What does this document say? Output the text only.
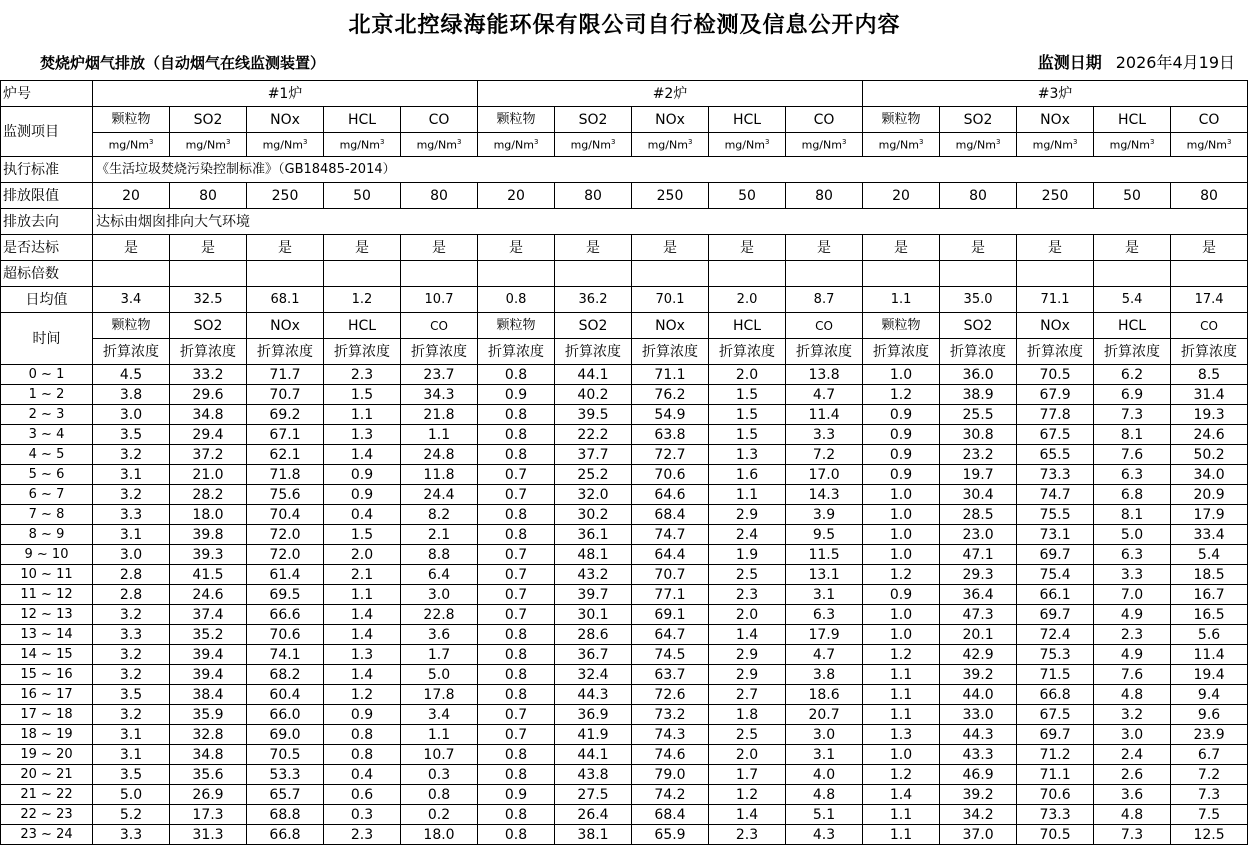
北京北控绿海能环保有限公司自行检测及信息公开内容
焚烧炉烟气排放（自动烟气在线监测装置）	监测日期 2026年4月19日
炉号	#1炉					#2炉					#3炉				
监测项目	颗粒物	SO2	NOx	HCL	CO	颗粒物	SO2	NOx	HCL	CO	颗粒物	SO2	NOx	HCL	CO
	mg/Nm$^3$	mg/Nm$^3$	mg/Nm$^3$	mg/Nm$^3$	mg/Nm$^3$	mg/Nm$^3$	mg/Nm$^3$	mg/Nm$^3$	mg/Nm$^3$	mg/Nm$^3$	mg/Nm$^3$	mg/Nm$^3$	mg/Nm$^3$	mg/Nm$^3$	mg/Nm$^3$
执行标准	《生活垃圾焚烧污染控制标准》（GB18485-2014）														
排放限值	20	80	250	50	80	20	80	250	50	80	20	80	250	50	80
排放去向	达标由烟囱排向大气环境														
是否达标	是	是	是	是	是	是	是	是	是	是	是	是	是	是	是
超标倍数															
日均值	3.4	32.5	68.1	1.2	10.7	0.8	36.2	70.1	2.0	8.7	1.1	35.0	71.1	5.4	17.4
时间	颗粒物	SO2	NOx	HCL	CO	颗粒物	SO2	NOx	HCL	CO	颗粒物	SO2	NOx	HCL	CO
	折算浓度	折算浓度	折算浓度	折算浓度	折算浓度	折算浓度	折算浓度	折算浓度	折算浓度	折算浓度	折算浓度	折算浓度	折算浓度	折算浓度	折算浓度
0 ~ 1	4.5	33.2	71.7	2.3	23.7	0.8	44.1	71.1	2.0	13.8	1.0	36.0	70.5	6.2	8.5
1 ~ 2	3.8	29.6	70.7	1.5	34.3	0.9	40.2	76.2	1.5	4.7	1.2	38.9	67.9	6.9	31.4
2 ~ 3	3.0	34.8	69.2	1.1	21.8	0.8	39.5	54.9	1.5	11.4	0.9	25.5	77.8	7.3	19.3
3 ~ 4	3.5	29.4	67.1	1.3	1.1	0.8	22.2	63.8	1.5	3.3	0.9	30.8	67.5	8.1	24.6
4 ~ 5	3.2	37.2	62.1	1.4	24.8	0.8	37.7	72.7	1.3	7.2	0.9	23.2	65.5	7.6	50.2
5 ~ 6	3.1	21.0	71.8	0.9	11.8	0.7	25.2	70.6	1.6	17.0	0.9	19.7	73.3	6.3	34.0
6 ~ 7	3.2	28.2	75.6	0.9	24.4	0.7	32.0	64.6	1.1	14.3	1.0	30.4	74.7	6.8	20.9
7 ~ 8	3.3	18.0	70.4	0.4	8.2	0.8	30.2	68.4	2.9	3.9	1.0	28.5	75.5	8.1	17.9
8 ~ 9	3.1	39.8	72.0	1.5	2.1	0.8	36.1	74.7	2.4	9.5	1.0	23.0	73.1	5.0	33.4
9 ~ 10	3.0	39.3	72.0	2.0	8.8	0.7	48.1	64.4	1.9	11.5	1.0	47.1	69.7	6.3	5.4
10 ~ 11	2.8	41.5	61.4	2.1	6.4	0.7	43.2	70.7	2.5	13.1	1.2	29.3	75.4	3.3	18.5
11 ~ 12	2.8	24.6	69.5	1.1	3.0	0.7	39.7	77.1	2.3	3.1	0.9	36.4	66.1	7.0	16.7
12 ~ 13	3.2	37.4	66.6	1.4	22.8	0.7	30.1	69.1	2.0	6.3	1.0	47.3	69.7	4.9	16.5
13 ~ 14	3.3	35.2	70.6	1.4	3.6	0.8	28.6	64.7	1.4	17.9	1.0	20.1	72.4	2.3	5.6
14 ~ 15	3.2	39.4	74.1	1.3	1.7	0.8	36.7	74.5	2.9	4.7	1.2	42.9	75.3	4.9	11.4
15 ~ 16	3.2	39.4	68.2	1.4	5.0	0.8	32.4	63.7	2.9	3.8	1.1	39.2	71.5	7.6	19.4
16 ~ 17	3.5	38.4	60.4	1.2	17.8	0.8	44.3	72.6	2.7	18.6	1.1	44.0	66.8	4.8	9.4
17 ~ 18	3.2	35.9	66.0	0.9	3.4	0.7	36.9	73.2	1.8	20.7	1.1	33.0	67.5	3.2	9.6
18 ~ 19	3.1	32.8	69.0	0.8	1.1	0.7	41.9	74.3	2.5	3.0	1.3	44.3	69.7	3.0	23.9
19 ~ 20	3.1	34.8	70.5	0.8	10.7	0.8	44.1	74.6	2.0	3.1	1.0	43.3	71.2	2.4	6.7
20 ~ 21	3.5	35.6	53.3	0.4	0.3	0.8	43.8	79.0	1.7	4.0	1.2	46.9	71.1	2.6	7.2
21 ~ 22	5.0	26.9	65.7	0.6	0.8	0.9	27.5	74.2	1.2	4.8	1.4	39.2	70.6	3.6	7.3
22 ~ 23	5.2	17.3	68.8	0.3	0.2	0.8	26.4	68.4	1.4	5.1	1.1	34.2	73.3	4.8	7.5
23 ~ 24	3.3	31.3	66.8	2.3	18.0	0.8	38.1	65.9	2.3	4.3	1.1	37.0	70.5	7.3	12.5
